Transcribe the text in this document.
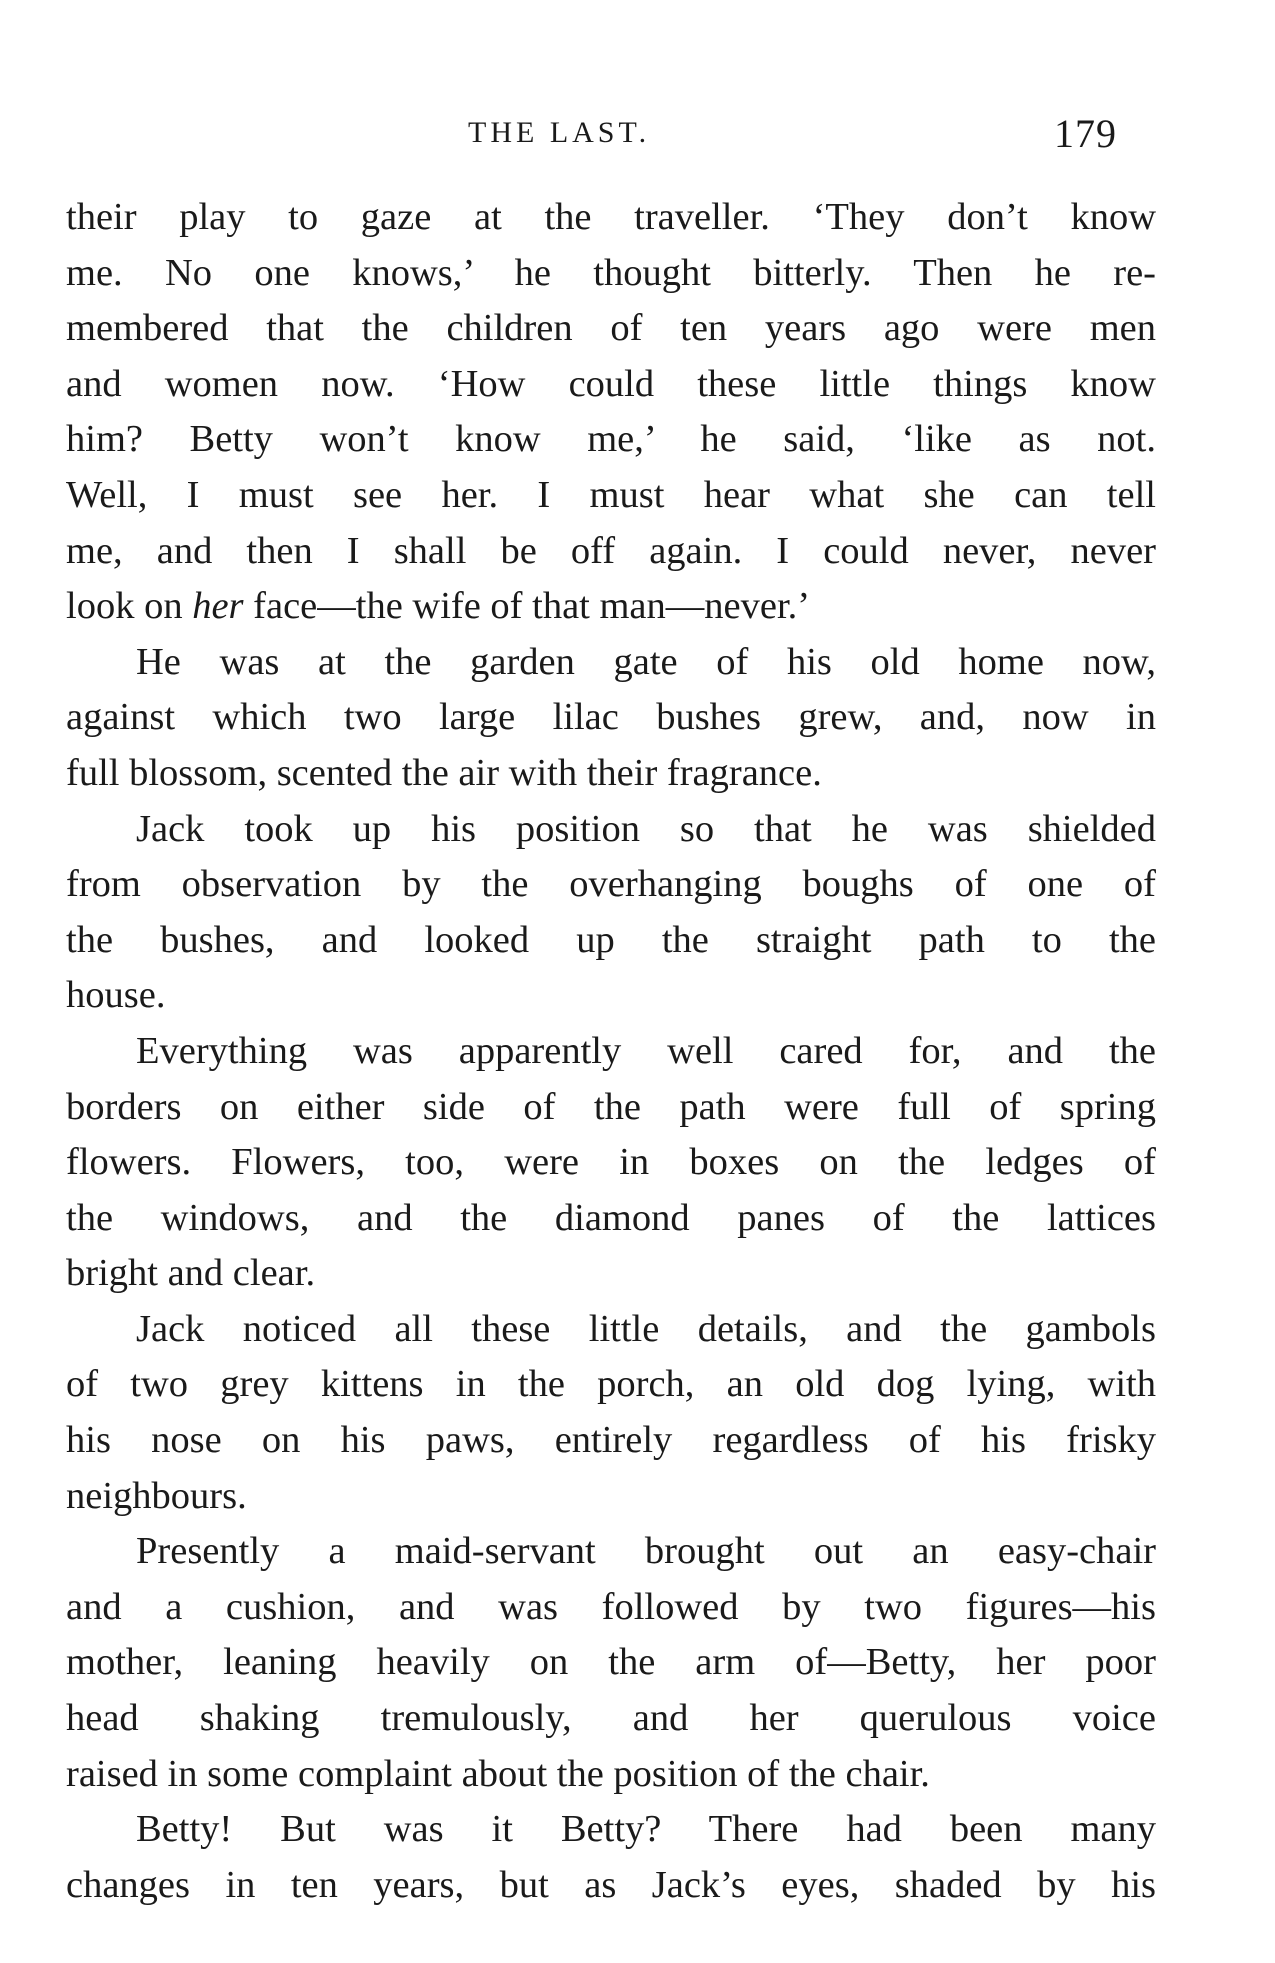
THE LAST.	179
their play to gaze at the traveller. ‘They don’t know
me. No one knows,’ he thought bitterly. Then he re-
membered that the children of ten years ago were men
and women now. ‘How could these little things know
him? Betty won’t know me,’ he said, ‘like as not.
Well, I must see her. I must hear what she can tell
me, and then I shall be off again. I could never, never
look on her face—the wife of that man—never.’
He was at the garden gate of his old home now,
against which two large lilac bushes grew, and, now in
full blossom, scented the air with their fragrance.
Jack took up his position so that he was shielded
from observation by the overhanging boughs of one of
the bushes, and looked up the straight path to the
house.
Everything was apparently well cared for, and the
borders on either side of the path were full of spring
flowers. Flowers, too, were in boxes on the ledges of
the windows, and the diamond panes of the lattices
bright and clear.
Jack noticed all these little details, and the gambols
of two grey kittens in the porch, an old dog lying, with
his nose on his paws, entirely regardless of his frisky
neighbours.
Presently a maid-servant brought out an easy-chair
and a cushion, and was followed by two figures—his
mother, leaning heavily on the arm of—Betty, her poor
head shaking tremulously, and her querulous voice
raised in some complaint about the position of the chair.
Betty! But was it Betty? There had been many
changes in ten years, but as Jack’s eyes, shaded by his
